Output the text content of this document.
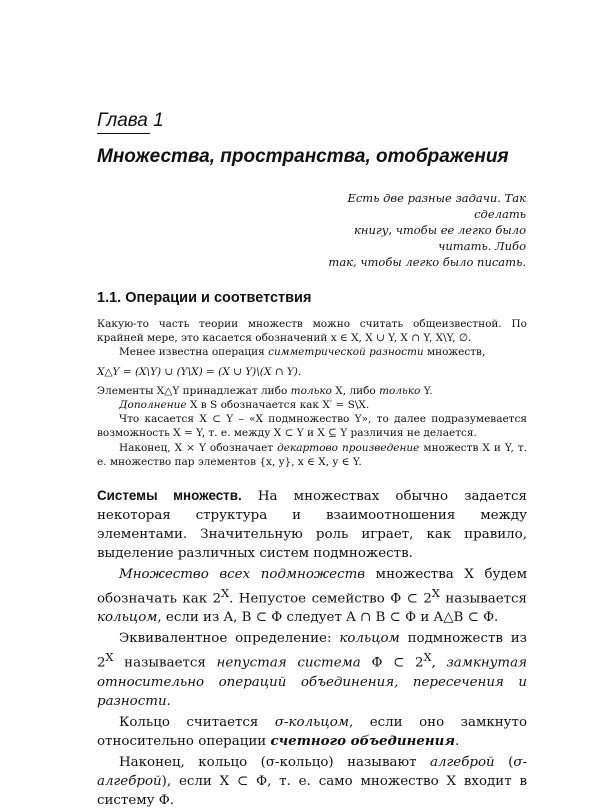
Глава 1
Множества, пространства, отображения
Есть две разные задачи. Так сделать
книгу, чтобы ее легко было читать. Либо
так, чтобы легко было писать.
1.1. Операции и соответствия

Какую-то часть теории множеств можно считать общеизвестной. По крайней мере, это касается обозначений x ∈ X, X ∪ Y, X ∩ Y, X\Y, ∅.

Менее известна операция симметрической разности множеств,

X△Y = (X\Y) ∪ (Y\X) = (X ∪ Y)\(X ∩ Y).

Элементы X△Y принадлежат либо только X, либо только Y.

Дополнение X в S обозначается как X′ = S\X.

Что касается X ⊂ Y – «X подмножество Y», то далее подразумевается возможность X = Y, т. е. между X ⊂ Y и X ⊆ Y различия не делается.

Наконец, X × Y обозначает декартово произведение множеств X и Y, т. е. множество пар элементов {x, y}, x ∈ X, y ∈ Y.

Системы множеств. На множествах обычно задается некоторая структура и взаимоотношения между элементами. Значительную роль играет, как правило, выделение различных систем подмножеств.

Множество всех подмножеств множества X будем обозначать как $2^X$. Непустое семейство Φ ⊂ $2^X$ называется кольцом, если из A, B ⊂ Φ следует A ∩ B ⊂ Φ и A△B ⊂ Φ.

Эквивалентное определение: кольцом подмножеств из $2^X$ называется непустая система Φ ⊂ $2^X$, замкнутая относительно операций объединения, пересечения и разности.

Кольцо считается σ-кольцом, если оно замкнуто относительно операции счетного объединения.

Наконец, кольцо (σ-кольцо) называют алгеброй (σ-алгеброй), если X ⊂ Φ, т. е. само множество X входит в систему Φ.
